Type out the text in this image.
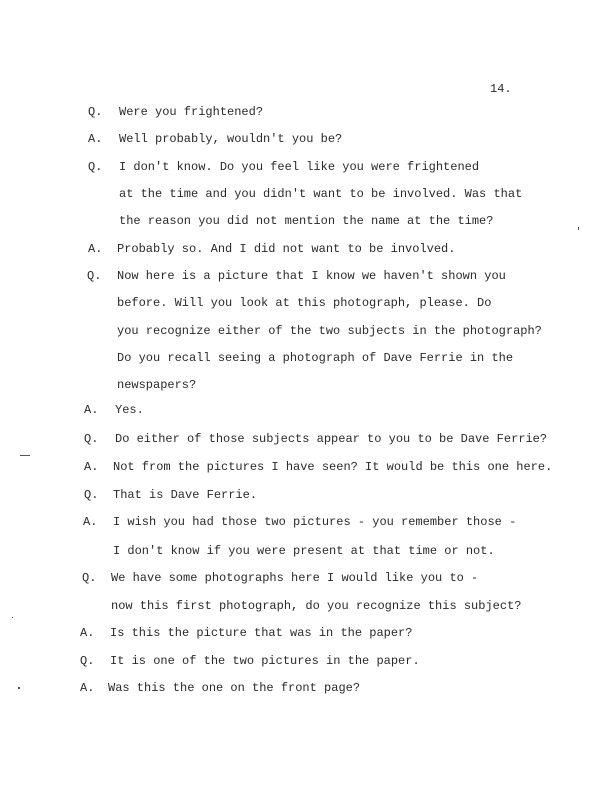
14.
Q. Were you frightened?
A. Well probably, wouldn't you be?
Q. I don't know. Do you feel like you were frightened
at the time and you didn't want to be involved. Was that
the reason you did not mention the name at the time?
A. Probably so. And I did not want to be involved.
Q. Now here is a picture that I know we haven't shown you
before. Will you look at this photograph, please. Do
you recognize either of the two subjects in the photograph?
Do you recall seeing a photograph of Dave Ferrie in the
newspapers?
A. Yes.
Q. Do either of those subjects appear to you to be Dave Ferrie?
A. Not from the pictures I have seen? It would be this one here.
Q. That is Dave Ferrie.
A. I wish you had those two pictures - you remember those -
I don't know if you were present at that time or not.
Q. We have some photographs here I would like you to -
now this first photograph, do you recognize this subject?
A. Is this the picture that was in the paper?
Q. It is one of the two pictures in the paper.
A. Was this the one on the front page?
